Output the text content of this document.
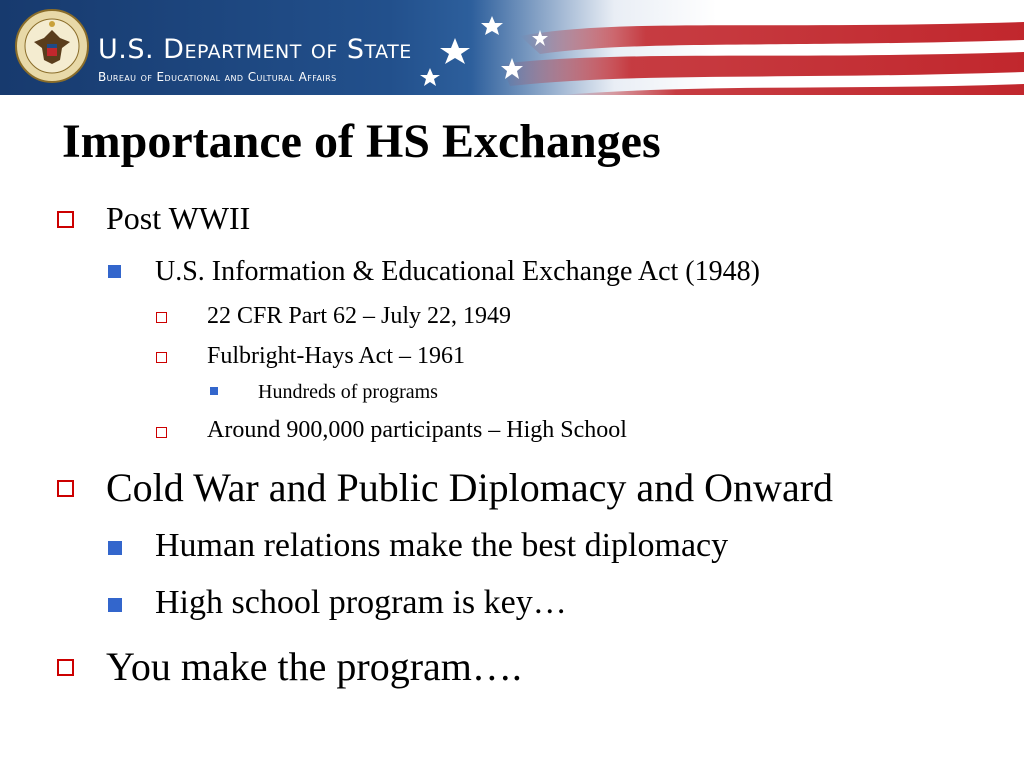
Connecting People, Creating Understanding
U.S. Department of State
Bureau of Educational and Cultural Affairs
Importance of HS Exchanges
Post WWII
U.S. Information & Educational Exchange Act (1948)
22 CFR Part 62 – July 22, 1949
Fulbright-Hays Act – 1961
Hundreds of programs
Around 900,000 participants – High School
Cold War and Public Diplomacy and Onward
Human relations make the best diplomacy
High school program is key…
You make the program….
